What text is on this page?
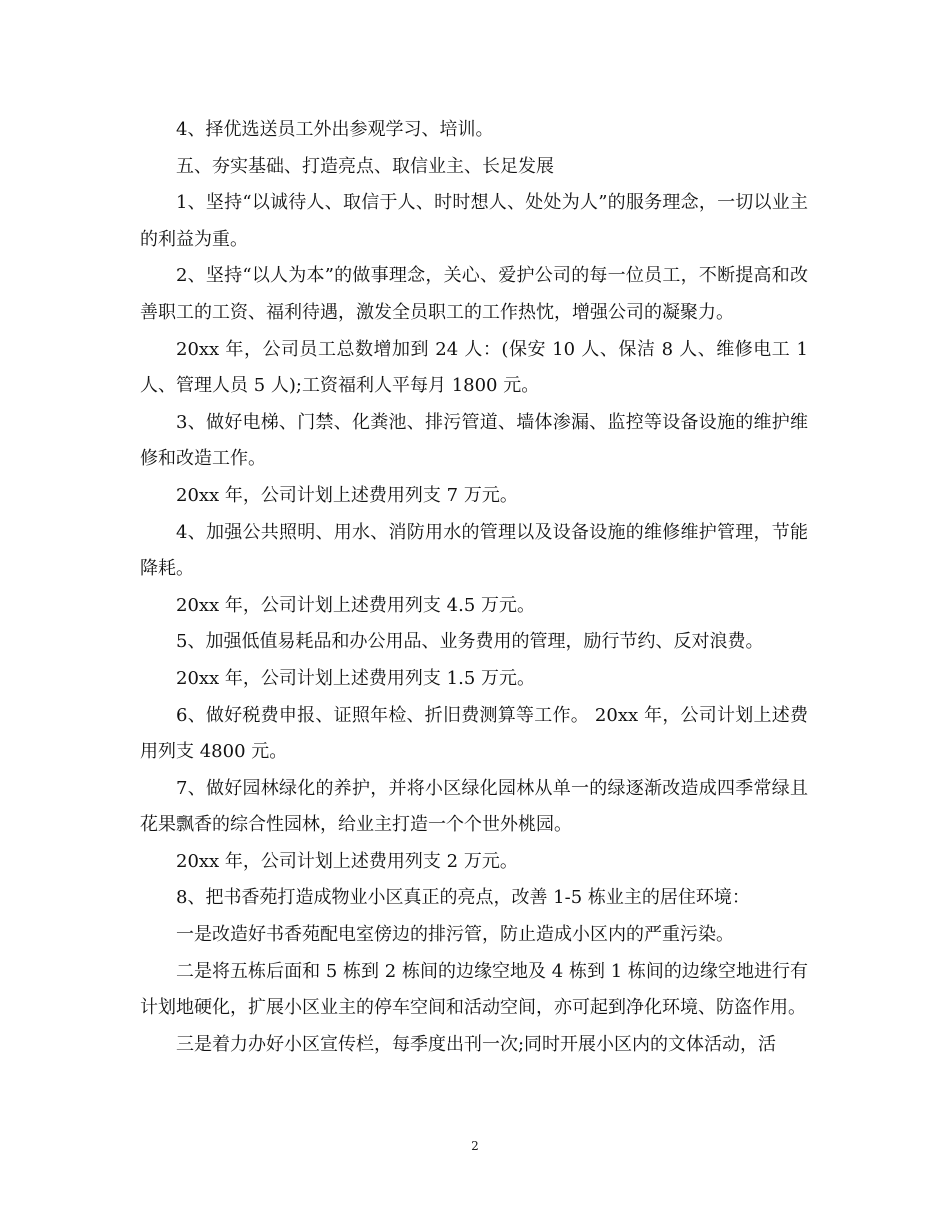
4、择优选送员工外出参观学习、培训。

五、夯实基础、打造亮点、取信业主、长足发展

1、坚持“以诚待人、取信于人、时时想人、处处为人”的服务理念，一切以业主的利益为重。

2、坚持“以人为本”的做事理念，关心、爱护公司的每一位员工，不断提高和改善职工的工资、福利待遇，激发全员职工的工作热忱，增强公司的凝聚力。

20xx 年，公司员工总数增加到 24 人：(保安 10 人、保洁 8 人、维修电工 1 人、管理人员 5 人);工资福利人平每月 1800 元。

3、做好电梯、门禁、化粪池、排污管道、墙体渗漏、监控等设备设施的维护维修和改造工作。

20xx 年，公司计划上述费用列支 7 万元。

4、加强公共照明、用水、消防用水的管理以及设备设施的维修维护管理，节能降耗。

20xx 年，公司计划上述费用列支 4.5 万元。

5、加强低值易耗品和办公用品、业务费用的管理，励行节约、反对浪费。

20xx 年，公司计划上述费用列支 1.5 万元。

6、做好税费申报、证照年检、折旧费测算等工作。 20xx 年，公司计划上述费用列支 4800 元。

7、做好园林绿化的养护，并将小区绿化园林从单一的绿逐渐改造成四季常绿且花果飘香的综合性园林，给业主打造一个个世外桃园。

20xx 年，公司计划上述费用列支 2 万元。

8、把书香苑打造成物业小区真正的亮点，改善 1-5 栋业主的居住环境：

一是改造好书香苑配电室傍边的排污管，防止造成小区内的严重污染。

二是将五栋后面和 5 栋到 2 栋间的边缘空地及 4 栋到 1 栋间的边缘空地进行有计划地硬化，扩展小区业主的停车空间和活动空间，亦可起到净化环境、防盗作用。

三是着力办好小区宣传栏，每季度出刊一次;同时开展小区内的文体活动，活

2
